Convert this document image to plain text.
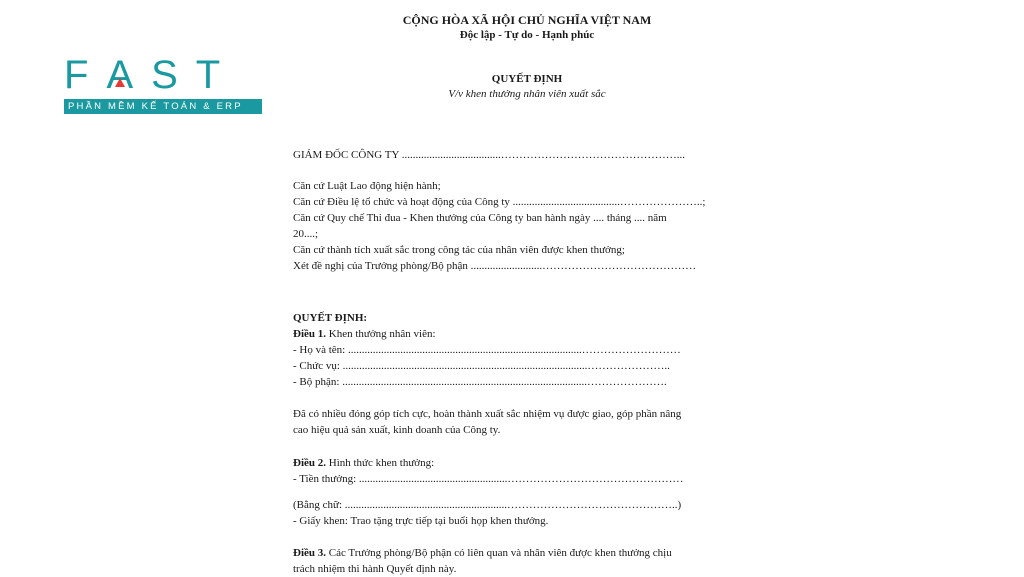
FA
ST
PHẦN MỀM KẾ TOÁN & ERP
CỘNG HÒA XÃ HỘI CHỦ NGHĨA VIỆT NAM
Độc lập - Tự do - Hạnh phúc
QUYẾT ĐỊNH
V/v khen thưởng nhân viên xuất sắc
GIÁM ĐỐC CÔNG TY ....................................…………………………………………...
Căn cứ Luật Lao động hiện hành;
Căn cứ Điều lệ tổ chức và hoạt động của Công ty .......................................…………………..;
Căn cứ Quy chế Thi đua - Khen thưởng của Công ty ban hành ngày .... tháng .... năm
20....;
Căn cứ thành tích xuất sắc trong công tác của nhân viên được khen thưởng;
Xét đề nghị của Trưởng phòng/Bộ phận ..........................……………………………………
QUYẾT ĐỊNH:
Điều 1. Khen thưởng nhân viên:
- Họ và tên: .....................................................................................………………………
- Chức vụ: .........................................................................................…………………..
- Bộ phận: .........................................................................................………………….
Đã có nhiều đóng góp tích cực, hoàn thành xuất sắc nhiệm vụ được giao, góp phần nâng
cao hiệu quả sản xuất, kinh doanh của Công ty.
Điều 2. Hình thức khen thưởng:
- Tiền thưởng: ......................................................…………………………………………
(Bằng chữ: ...........................................................………………………………………..)
- Giấy khen: Trao tặng trực tiếp tại buổi họp khen thưởng.
Điều 3. Các Trưởng phòng/Bộ phận có liên quan và nhân viên được khen thưởng chịu
trách nhiệm thi hành Quyết định này.
